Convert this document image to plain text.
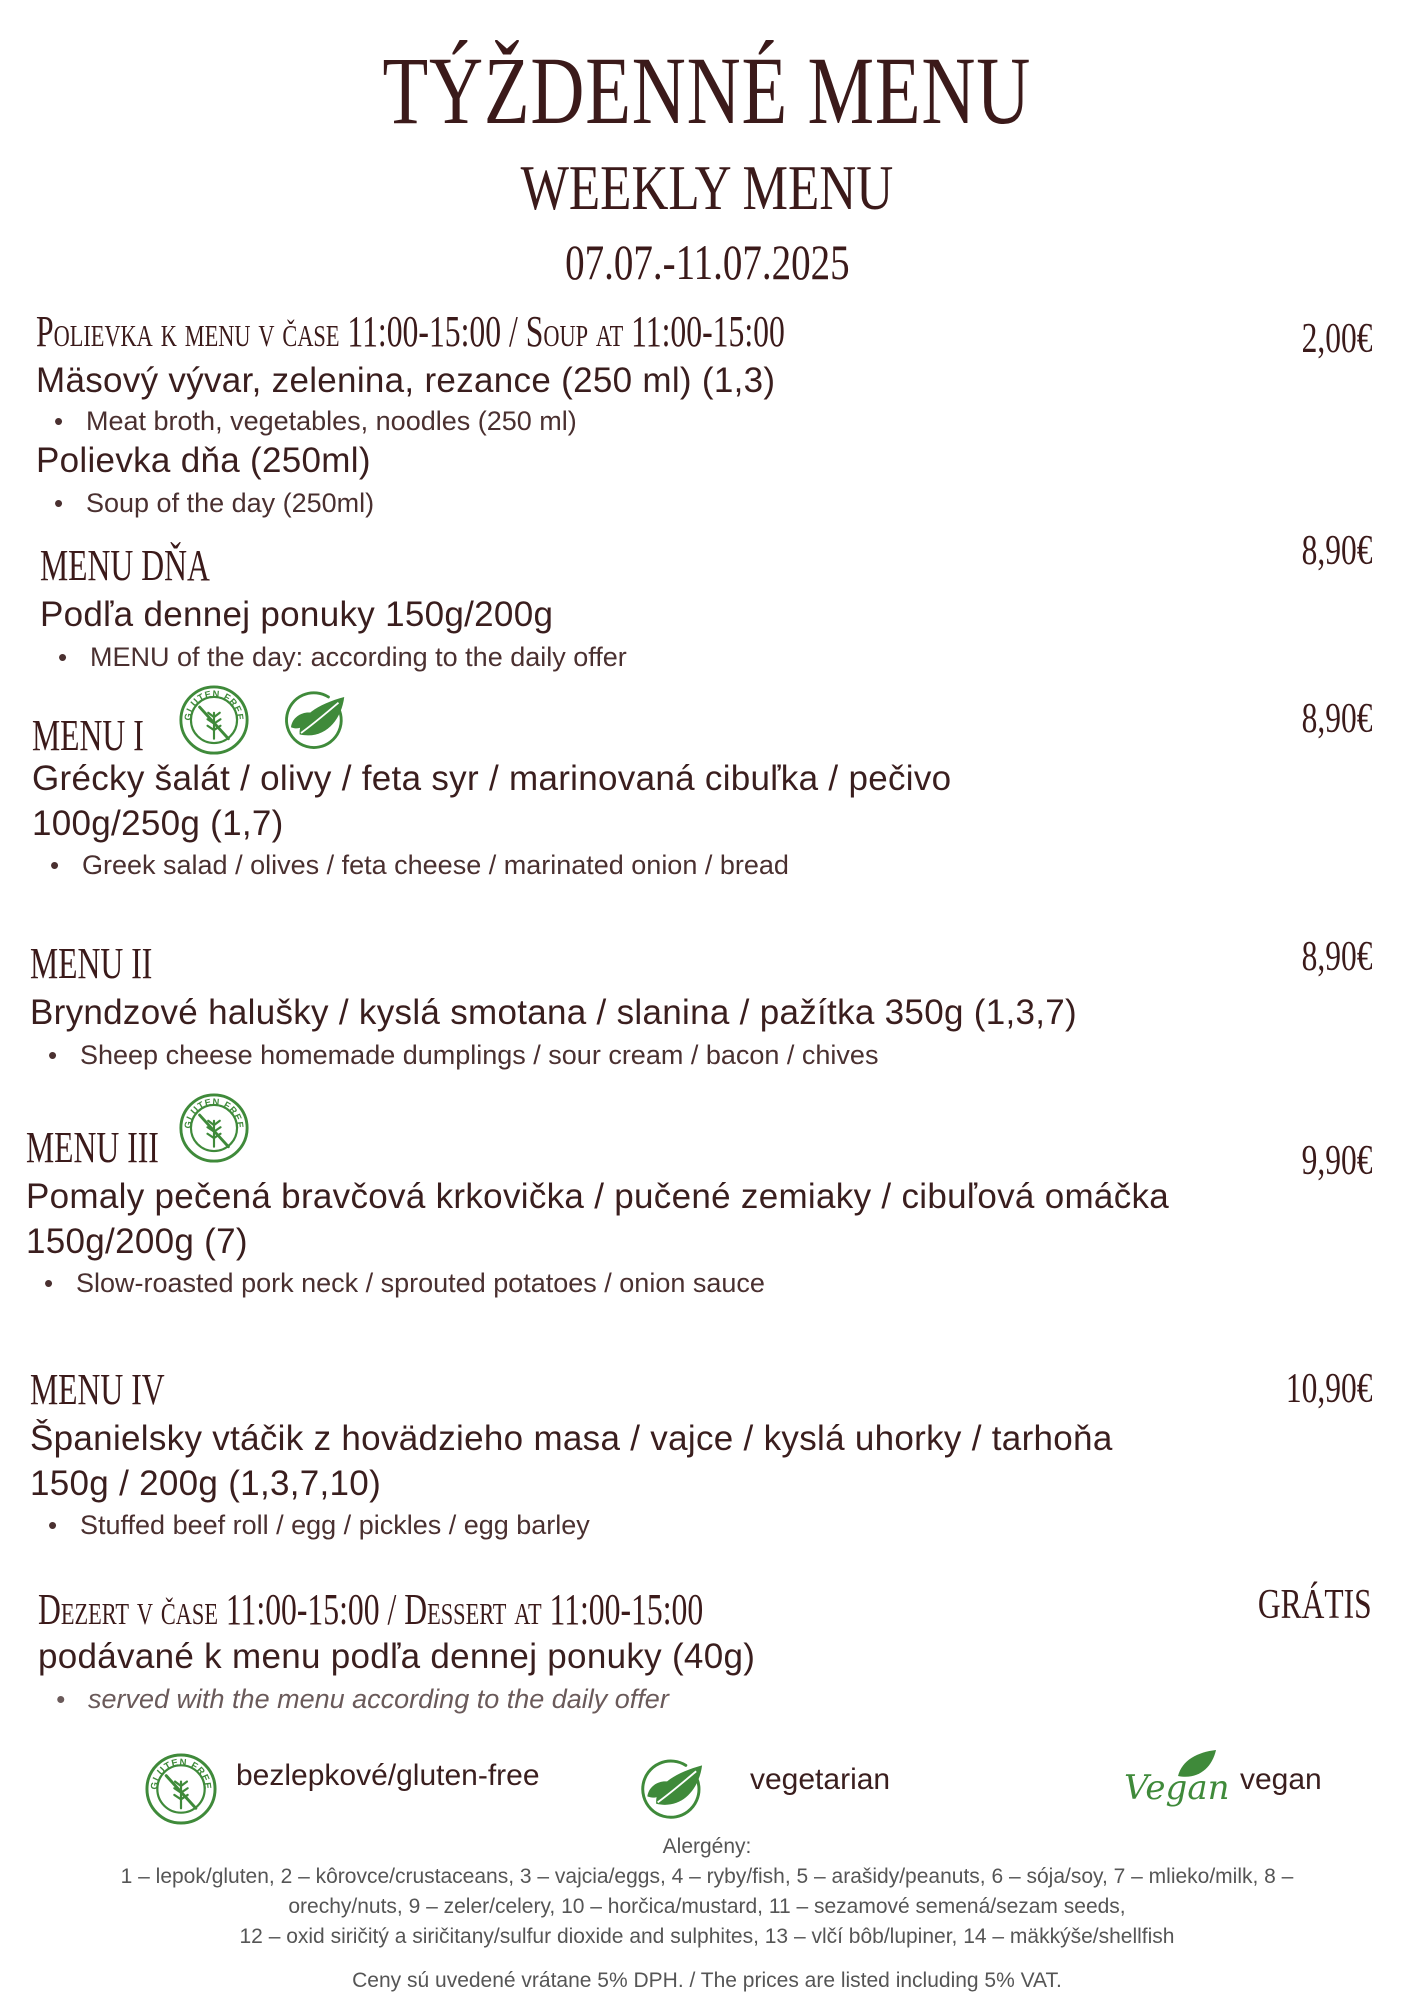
TÝŽDENNÉ MENU
WEEKLY MENU
07.07.-11.07.2025
Polievka k menu v čase 11:00-15:00 / Soup at 11:00-15:00	2,00€
Mäsový vývar, zelenina, rezance (250 ml) (1,3)
• Meat broth, vegetables, noodles (250 ml)
Polievka dňa (250ml)
• Soup of the day (250ml)
MENU DŇA	8,90€
Podľa dennej ponuky 150g/200g
• MENU of the day: according to the daily offer
MENU I	8,90€
Grécky šalát / olivy / feta syr / marinovaná cibuľka / pečivo 100g/250g (1,7)
• Greek salad / olives / feta cheese / marinated onion / bread
MENU II	8,90€
Bryndzové halušky / kyslá smotana / slanina / pažítka 350g (1,3,7)
• Sheep cheese homemade dumplings / sour cream / bacon / chives
MENU III	9,90€
Pomaly pečená bravčová krkovička / pučené zemiaky / cibuľová omáčka 150g/200g (7)
• Slow-roasted pork neck / sprouted potatoes / onion sauce
MENU IV	10,90€
Španielsky vtáčik z hovädzieho masa / vajce / kyslá uhorky / tarhoňa 150g / 200g (1,3,7,10)
• Stuffed beef roll / egg / pickles / egg barley
Dezert v čase 11:00-15:00 / Dessert at 11:00-15:00	GRÁTIS
podávané k menu podľa dennej ponuky (40g)
• served with the menu according to the daily offer
bezlepkové/gluten-free	vegetarian	Vegan vegan
Alergény:
1 – lepok/gluten, 2 – kôrovce/crustaceans, 3 – vajcia/eggs, 4 – ryby/fish, 5 – arašidy/peanuts, 6 – sója/soy, 7 – mlieko/milk, 8 –
orechy/nuts, 9 – zeler/celery, 10 – horčica/mustard, 11 – sezamové semená/sezam seeds,
12 – oxid siričitý a siričitany/sulfur dioxide and sulphites, 13 – vlčí bôb/lupiner, 14 – mäkkýše/shellfish
Ceny sú uvedené vrátane 5% DPH. / The prices are listed including 5% VAT.
